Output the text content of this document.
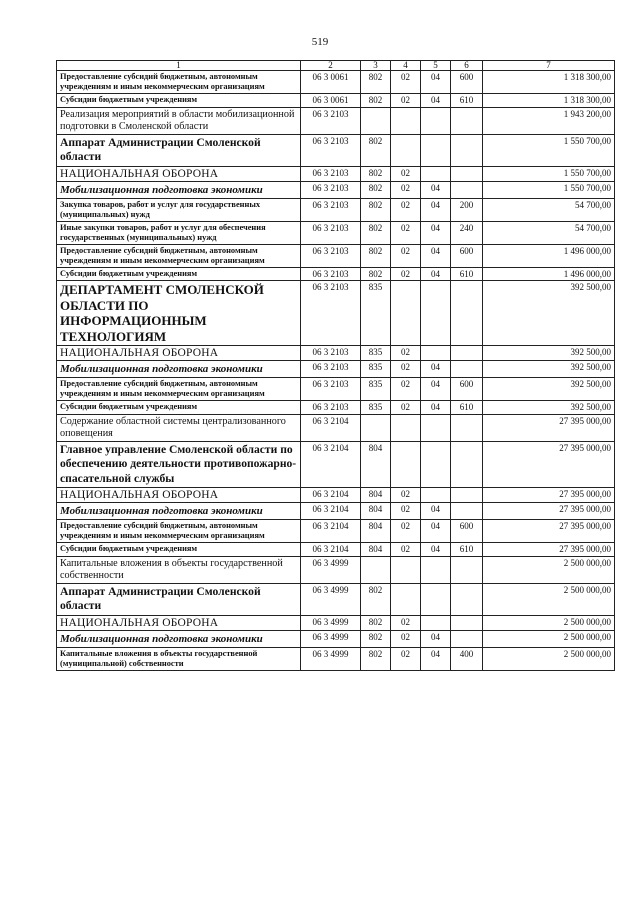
519
1	2	3	4	5	6	7
Предоставление субсидий бюджетным, автономным учреждениям и иным некоммерческим организациям	06 3 0061	802	02	04	600	1 318 300,00
Субсидии бюджетным учреждениям	06 3 0061	802	02	04	610	1 318 300,00
Реализация мероприятий в области мобилизационной подготовки в Смоленской области	06 3 2103					1 943 200,00
Аппарат Администрации Смоленской области	06 3 2103	802				1 550 700,00
НАЦИОНАЛЬНАЯ ОБОРОНА	06 3 2103	802	02			1 550 700,00
Мобилизационная подготовка экономики	06 3 2103	802	02	04		1 550 700,00
Закупка товаров, работ и услуг для государственных (муниципальных) нужд	06 3 2103	802	02	04	200	54 700,00
Иные закупки товаров, работ и услуг для обеспечения государственных (муниципальных) нужд	06 3 2103	802	02	04	240	54 700,00
Предоставление субсидий бюджетным, автономным учреждениям и иным некоммерческим организациям	06 3 2103	802	02	04	600	1 496 000,00
Субсидии бюджетным учреждениям	06 3 2103	802	02	04	610	1 496 000,00
ДЕПАРТАМЕНТ СМОЛЕНСКОЙ ОБЛАСТИ ПО ИНФОРМАЦИОННЫМ ТЕХНОЛОГИЯМ	06 3 2103	835				392 500,00
НАЦИОНАЛЬНАЯ ОБОРОНА	06 3 2103	835	02			392 500,00
Мобилизационная подготовка экономики	06 3 2103	835	02	04		392 500,00
Предоставление субсидий бюджетным, автономным учреждениям и иным некоммерческим организациям	06 3 2103	835	02	04	600	392 500,00
Субсидии бюджетным учреждениям	06 3 2103	835	02	04	610	392 500,00
Содержание областной системы централизованного оповещения	06 3 2104					27 395 000,00
Главное управление Смоленской области по обеспечению деятельности противопожарно-спасательной службы	06 3 2104	804				27 395 000,00
НАЦИОНАЛЬНАЯ ОБОРОНА	06 3 2104	804	02			27 395 000,00
Мобилизационная подготовка экономики	06 3 2104	804	02	04		27 395 000,00
Предоставление субсидий бюджетным, автономным учреждениям и иным некоммерческим организациям	06 3 2104	804	02	04	600	27 395 000,00
Субсидии бюджетным учреждениям	06 3 2104	804	02	04	610	27 395 000,00
Капитальные вложения в объекты государственной собственности	06 3 4999					2 500 000,00
Аппарат Администрации Смоленской области	06 3 4999	802				2 500 000,00
НАЦИОНАЛЬНАЯ ОБОРОНА	06 3 4999	802	02			2 500 000,00
Мобилизационная подготовка экономики	06 3 4999	802	02	04		2 500 000,00
Капитальные вложения в объекты государственной (муниципальной) собственности	06 3 4999	802	02	04	400	2 500 000,00
